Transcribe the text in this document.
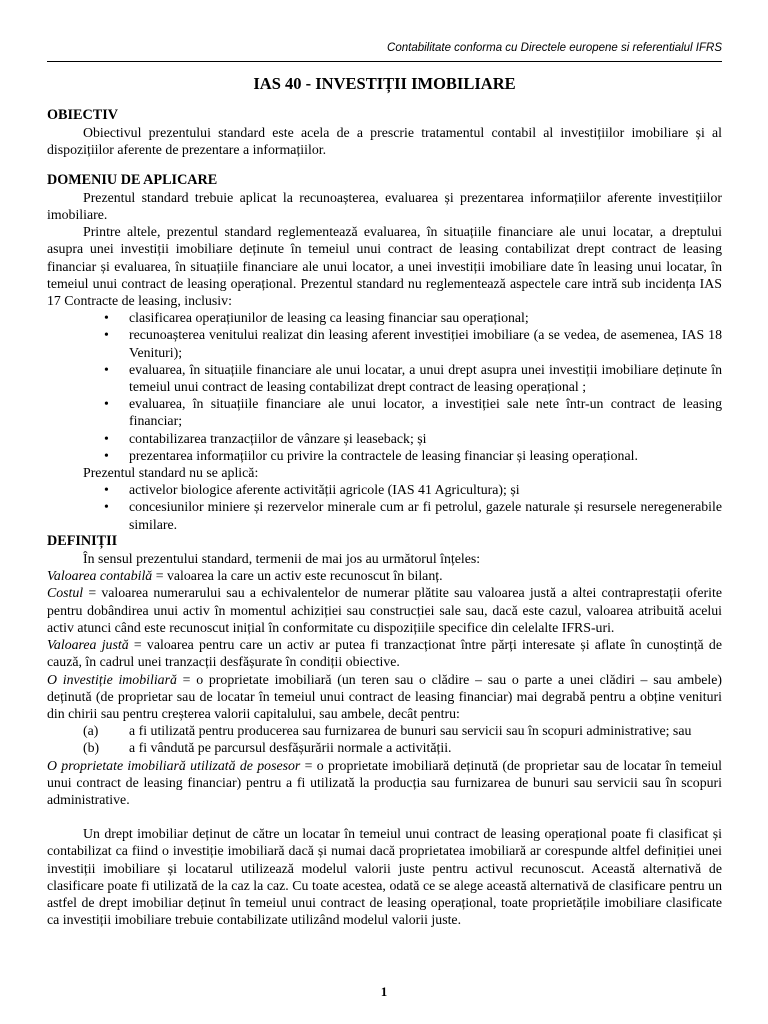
Contabilitate conforma cu Directele europene si referentialul IFRS
IAS 40 - INVESTIȚII IMOBILIARE
OBIECTIV

Obiectivul prezentului standard este acela de a prescrie tratamentul contabil al investițiilor imobiliare și al dispozițiilor aferente de prezentare a informațiilor.

DOMENIU DE APLICARE

Prezentul standard trebuie aplicat la recunoașterea, evaluarea și prezentarea informațiilor aferente investițiilor imobiliare.

Printre altele, prezentul standard reglementează evaluarea, în situațiile financiare ale unui locatar, a dreptului asupra unei investiții imobiliare deținute în temeiul unui contract de leasing contabilizat drept contract de leasing financiar și evaluarea, în situațiile financiare ale unui locator, a unei investiții imobiliare date în leasing unui locatar, în temeiul unui contract de leasing operațional. Prezentul standard nu reglementează aspectele care intră sub incidența IAS 17 Contracte de leasing, inclusiv:

• clasificarea operațiunilor de leasing ca leasing financiar sau operațional;
• recunoașterea venitului realizat din leasing aferent investiției imobiliare (a se vedea, de asemenea, IAS 18 Venituri);
• evaluarea, în situațiile financiare ale unui locatar, a unui drept asupra unei investiții imobiliare deținute în temeiul unui contract de leasing contabilizat drept contract de leasing operațional ;
• evaluarea, în situațiile financiare ale unui locator, a investiției sale nete într-un contract de leasing financiar;
• contabilizarea tranzacțiilor de vânzare și leaseback; și
• prezentarea informațiilor cu privire la contractele de leasing financiar și leasing operațional.

Prezentul standard nu se aplică:

• activelor biologice aferente activității agricole (IAS 41 Agricultura); și
• concesiunilor miniere și rezervelor minerale cum ar fi petrolul, gazele naturale și resursele neregenerabile similare.
DEFINIȚII

În sensul prezentului standard, termenii de mai jos au următorul înțeles:

Valoarea contabilă = valoarea la care un activ este recunoscut în bilanț.

Costul = valoarea numerarului sau a echivalentelor de numerar plătite sau valoarea justă a altei contraprestații oferite pentru dobândirea unui activ în momentul achiziției sau construcției sale sau, dacă este cazul, valoarea atribuită acelui activ atunci când este recunoscut inițial în conformitate cu dispozițiile specifice din celelalte IFRS-uri.

Valoarea justă = valoarea pentru care un activ ar putea fi tranzacționat între părți interesate și aflate în cunoștință de cauză, în cadrul unei tranzacții desfășurate în condiții obiective.

O investiție imobiliară = o proprietate imobiliară (un teren sau o clădire – sau o parte a unei clădiri – sau ambele) deținută (de proprietar sau de locatar în temeiul unui contract de leasing financiar) mai degrabă pentru a obține venituri din chirii sau pentru creșterea valorii capitalului, sau ambele, decât pentru:

(a) a fi utilizată pentru producerea sau furnizarea de bunuri sau servicii sau în scopuri administrative; sau
(b) a fi vândută pe parcursul desfășurării normale a activității.

O proprietate imobiliară utilizată de posesor = o proprietate imobiliară deținută (de proprietar sau de locatar în temeiul unui contract de leasing financiar) pentru a fi utilizată la producția sau furnizarea de bunuri sau servicii sau în scopuri administrative.

Un drept imobiliar deținut de către un locatar în temeiul unui contract de leasing operațional poate fi clasificat și contabilizat ca fiind o investiție imobiliară dacă și numai dacă proprietatea imobiliară ar corespunde altfel definiției unei investiții imobiliare și locatarul utilizează modelul valorii juste pentru activul recunoscut. Această alternativă de clasificare poate fi utilizată de la caz la caz. Cu toate acestea, odată ce se alege această alternativă de clasificare pentru un astfel de drept imobiliar deținut în temeiul unui contract de leasing operațional, toate proprietățile imobiliare clasificate ca investiții imobiliare trebuie contabilizate utilizând modelul valorii juste.

1
